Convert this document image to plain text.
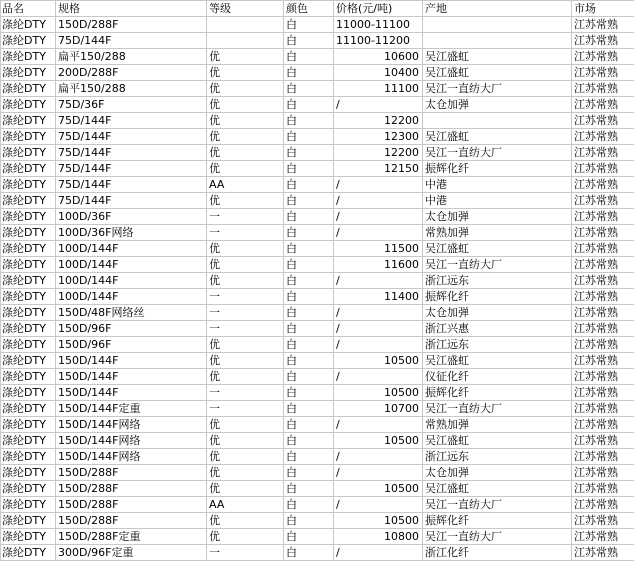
品名	规格	等级	颜色	价格(元/吨)	产地	市场
涤纶DTY	150D/288F		白	11000-11100		江苏常熟
涤纶DTY	75D/144F		白	11100-11200		江苏常熟
涤纶DTY	扁平150/288	优	白	10600	吴江盛虹	江苏常熟
涤纶DTY	200D/288F	优	白	10400	吴江盛虹	江苏常熟
涤纶DTY	扁平150/288	优	白	11100	吴江一直纺大厂	江苏常熟
涤纶DTY	75D/36F	优	白	/	太仓加弹	江苏常熟
涤纶DTY	75D/144F	优	白	12200		江苏常熟
涤纶DTY	75D/144F	优	白	12300	吴江盛虹	江苏常熟
涤纶DTY	75D/144F	优	白	12200	吴江一直纺大厂	江苏常熟
涤纶DTY	75D/144F	优	白	12150	振辉化纤	江苏常熟
涤纶DTY	75D/144F	AA	白	/	中港	江苏常熟
涤纶DTY	75D/144F	优	白	/	中港	江苏常熟
涤纶DTY	100D/36F	一	白	/	太仓加弹	江苏常熟
涤纶DTY	100D/36F网络	一	白	/	常熟加弹	江苏常熟
涤纶DTY	100D/144F	优	白	11500	吴江盛虹	江苏常熟
涤纶DTY	100D/144F	优	白	11600	吴江一直纺大厂	江苏常熟
涤纶DTY	100D/144F	优	白	/	浙江远东	江苏常熟
涤纶DTY	100D/144F	一	白	11400	振辉化纤	江苏常熟
涤纶DTY	150D/48F网络丝	一	白	/	太仓加弹	江苏常熟
涤纶DTY	150D/96F	一	白	/	浙江兴惠	江苏常熟
涤纶DTY	150D/96F	优	白	/	浙江远东	江苏常熟
涤纶DTY	150D/144F	优	白	10500	吴江盛虹	江苏常熟
涤纶DTY	150D/144F	优	白	/	仪征化纤	江苏常熟
涤纶DTY	150D/144F	一	白	10500	振辉化纤	江苏常熟
涤纶DTY	150D/144F定重	一	白	10700	吴江一直纺大厂	江苏常熟
涤纶DTY	150D/144F网络	优	白	/	常熟加弹	江苏常熟
涤纶DTY	150D/144F网络	优	白	10500	吴江盛虹	江苏常熟
涤纶DTY	150D/144F网络	优	白	/	浙江远东	江苏常熟
涤纶DTY	150D/288F	优	白	/	太仓加弹	江苏常熟
涤纶DTY	150D/288F	优	白	10500	吴江盛虹	江苏常熟
涤纶DTY	150D/288F	AA	白	/	吴江一直纺大厂	江苏常熟
涤纶DTY	150D/288F	优	白	10500	振辉化纤	江苏常熟
涤纶DTY	150D/288F定重	优	白	10800	吴江一直纺大厂	江苏常熟
涤纶DTY	300D/96F定重	一	白	/	浙江化纤	江苏常熟
